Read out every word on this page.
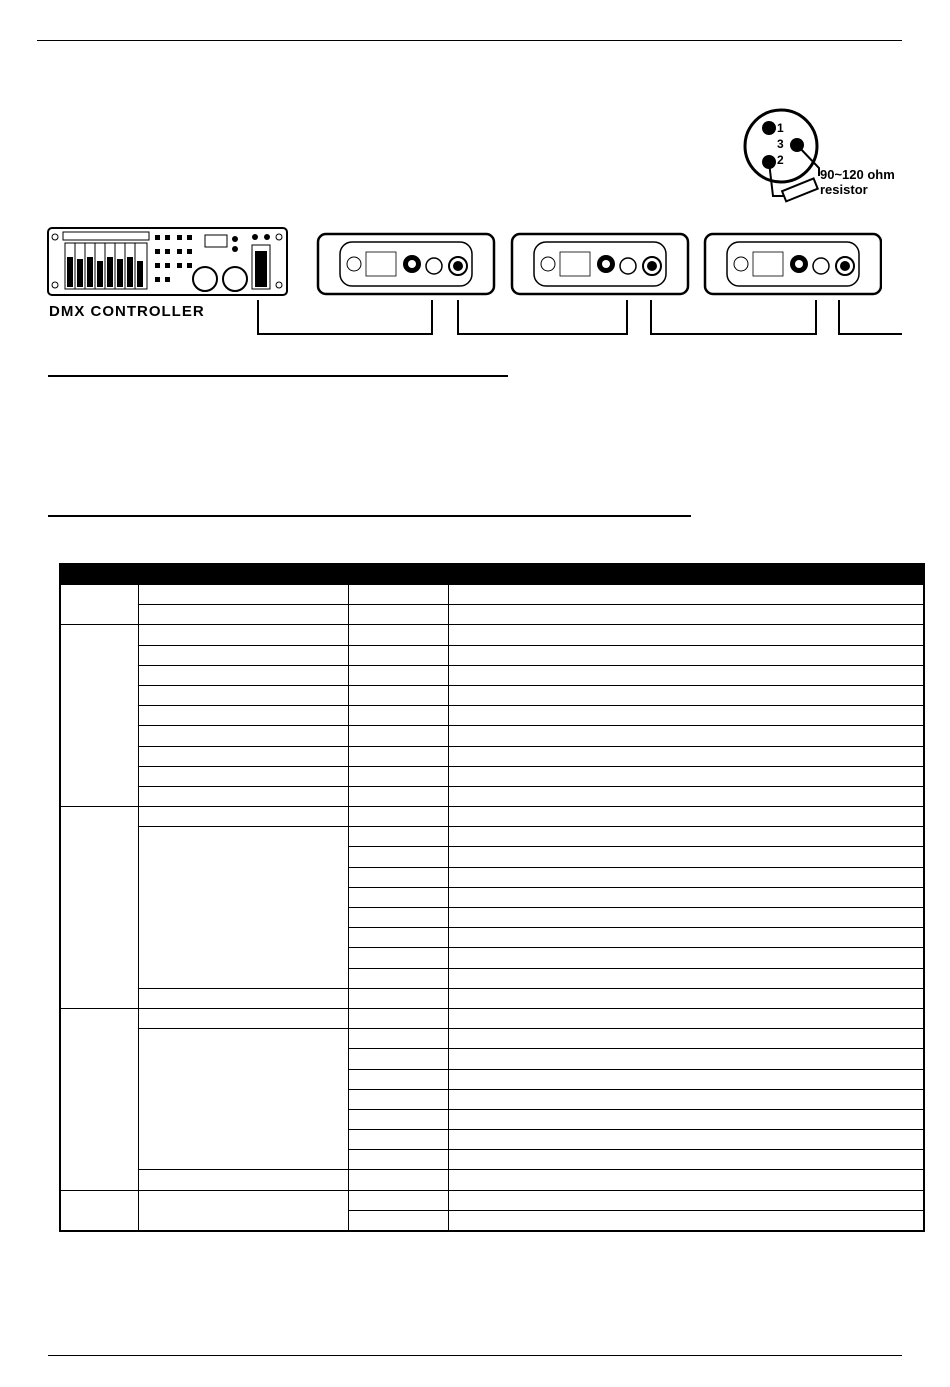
1
3
2
90~120 ohm
resistor
DMX CONTROLLER
